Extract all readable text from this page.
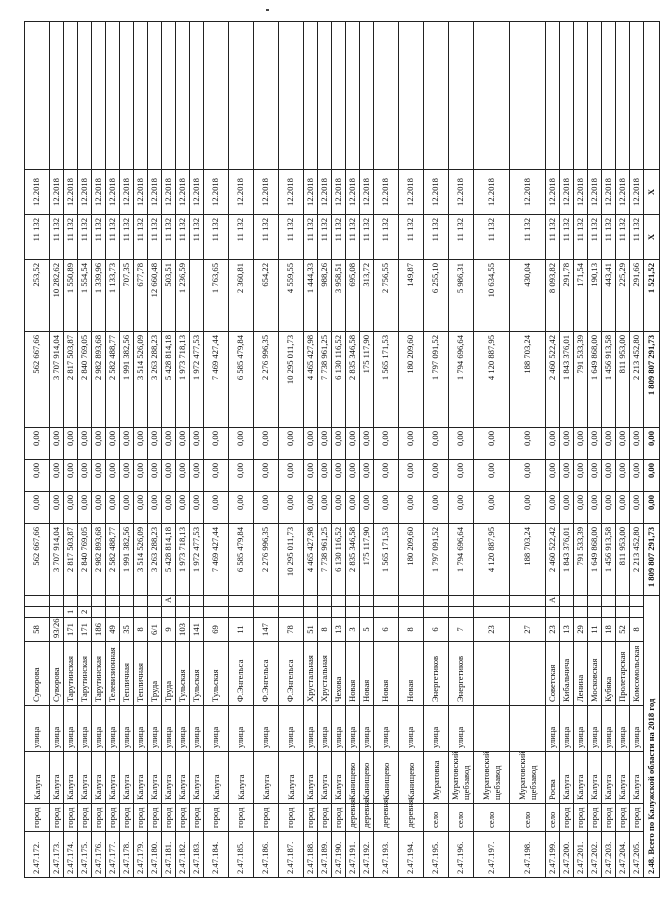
2.47.172.	город	Калуга	улица	Суворова	58			562 667,66	0,00	0,00	0,00	562 667,66	253,52	11 132	12.2018	
2.47.173.	город	Калуга	улица	Суворова	93/26			3 707 914,04	0,00	0,00	0,00	3 707 914,04	10 282,62	11 132	12.2018	
2.47.174.	город	Калуга	улица	Тарутинская	171	1		2 817 503,87	0,00	0,00	0,00	2 817 503,87	1 550,89	11 132	12.2018	
2.47.175.	город	Калуга	улица	Тарутинская	171	2		2 840 769,05	0,00	0,00	0,00	2 840 769,05	1 554,54	11 132	12.2018	
2.47.176.	город	Калуга	улица	Тарутинская	186			2 982 893,68	0,00	0,00	0,00	2 982 893,68	1 339,96	11 132	12.2018	
2.47.177.	город	Калуга	улица	Телевизионная	49			2 582 488,77	0,00	0,00	0,00	2 582 488,77	1 133,73	11 132	12.2018	
2.47.178.	город	Калуга	улица	Тепличная	35			1 991 382,56	0,00	0,00	0,00	1 991 382,56	707,35	11 132	12.2018	
2.47.179.	город	Калуга	улица	Тепличная	8			3 514 526,09	0,00	0,00	0,00	3 514 526,09	677,78	11 132	12.2018	
2.47.180.	город	Калуга	улица	Труда	6/1			3 263 288,23	0,00	0,00	0,00	3 263 288,23	12 660,48	11 132	12.2018	
2.47.181.	город	Калуга	улица	Труда	9		А	5 428 814,18	0,00	0,00	0,00	5 428 814,18	503,51	11 132	12.2018	
2.47.182.	город	Калуга	улица	Тульская	103			1 973 718,13	0,00	0,00	0,00	1 973 718,13	1 236,59	11 132	12.2018	
2.47.183.	город	Калуга	улица	Тульская	141			1 972 477,53	0,00	0,00	0,00	1 972 477,53		11 132	12.2018	
2.47.184.	город	Калуга	улица	Тульская	69			7 469 427,44	0,00	0,00	0,00	7 469 427,44	1 763,65	11 132	12.2018	
2.47.185.	город	Калуга	улица	Ф.Энгельса	11			6 585 479,84	0,00	0,00	0,00	6 585 479,84	2 360,81	11 132	12.2018	
2.47.186.	город	Калуга	улица	Ф.Энгельса	147			2 276 996,35	0,00	0,00	0,00	2 276 996,35	654,22	11 132	12.2018	
2.47.187.	город	Калуга	улица	Ф.Энгельса	78			10 295 011,73	0,00	0,00	0,00	10 295 011,73	4 559,55	11 132	12.2018	
2.47.188.	город	Калуга	улица	Хрустальная	51			4 465 427,98	0,00	0,00	0,00	4 465 427,98	1 444,33	11 132	12.2018	
2.47.189.	город	Калуга	улица	Хрустальная	8			7 738 961,25	0,00	0,00	0,00	7 738 961,25	988,26	11 132	12.2018	
2.47.190.	город	Калуга	улица	Чехова	13			6 130 116,52	0,00	0,00	0,00	6 130 116,52	3 958,51	11 132	12.2018	
2.47.191.	деревня	Канищево	улица	Новая	3			2 835 346,58	0,00	0,00	0,00	2 835 346,58	695,08	11 132	12.2018	
2.47.192.	деревня	Канищево	улица	Новая	5			175 117,90	0,00	0,00	0,00	175 117,90	313,72	11 132	12.2018	
2.47.193.	деревня	Канищево	улица	Новая	6			1 565 171,53	0,00	0,00	0,00	1 565 171,53	2 756,55	11 132	12.2018	
2.47.194.	деревня	Канищево	улица	Новая	8			180 209,60	0,00	0,00	0,00	180 209,60	149,87	11 132	12.2018	
2.47.195.	село	Муратовка	улица	Энергетиков	6			1 797 091,52	0,00	0,00	0,00	1 797 091,52	6 255,10	11 132	12.2018	
2.47.196.	село	Муратовский щебзавод	улица	Энергетиков	7			1 794 696,64	0,00	0,00	0,00	1 794 696,64	5 986,31	11 132	12.2018	
2.47.197.	село	Муратовский щебзавод			23			4 120 887,95	0,00	0,00	0,00	4 120 887,95	10 634,55	11 132	12.2018	
2.47.198.	село	Муратовский щебзавод			27			188 703,24	0,00	0,00	0,00	188 703,24	430,04	11 132	12.2018	
2.47.199.	село	Росва	улица	Советская	23		А	2 460 522,42	0,00	0,00	0,00	2 460 522,42	8 093,82	11 132	12.2018	
2.47.200.	город	Калуга	улица	Кибальчича	13			1 843 376,01	0,00	0,00	0,00	1 843 376,01	291,78	11 132	12.2018	
2.47.201.	город	Калуга	улица	Ленина	29			791 533,39	0,00	0,00	0,00	791 533,39	171,54	11 132	12.2018	
2.47.202.	город	Калуга	улица	Московская	11			1 649 868,00	0,00	0,00	0,00	1 649 868,00	190,13	11 132	12.2018	
2.47.203.	город	Калуга	улица	Кубяка	18			1 456 913,58	0,00	0,00	0,00	1 456 913,58	443,41	11 132	12.2018	
2.47.204.	город	Калуга	улица	Пролетарская	52			811 953,00	0,00	0,00	0,00	811 953,00	225,29	11 132	12.2018	
2.47.205.	город	Калуга	улица	Комсомольская	8			2 213 452,80	0,00	0,00	0,00	2 213 452,80	291,66	11 132	12.2018	
2.48. Всего по Калужской области на 2018 год								1 809 807 291,73	0,00	0,00	0,00	1 809 807 291,73	1 521,52	Х	Х	
